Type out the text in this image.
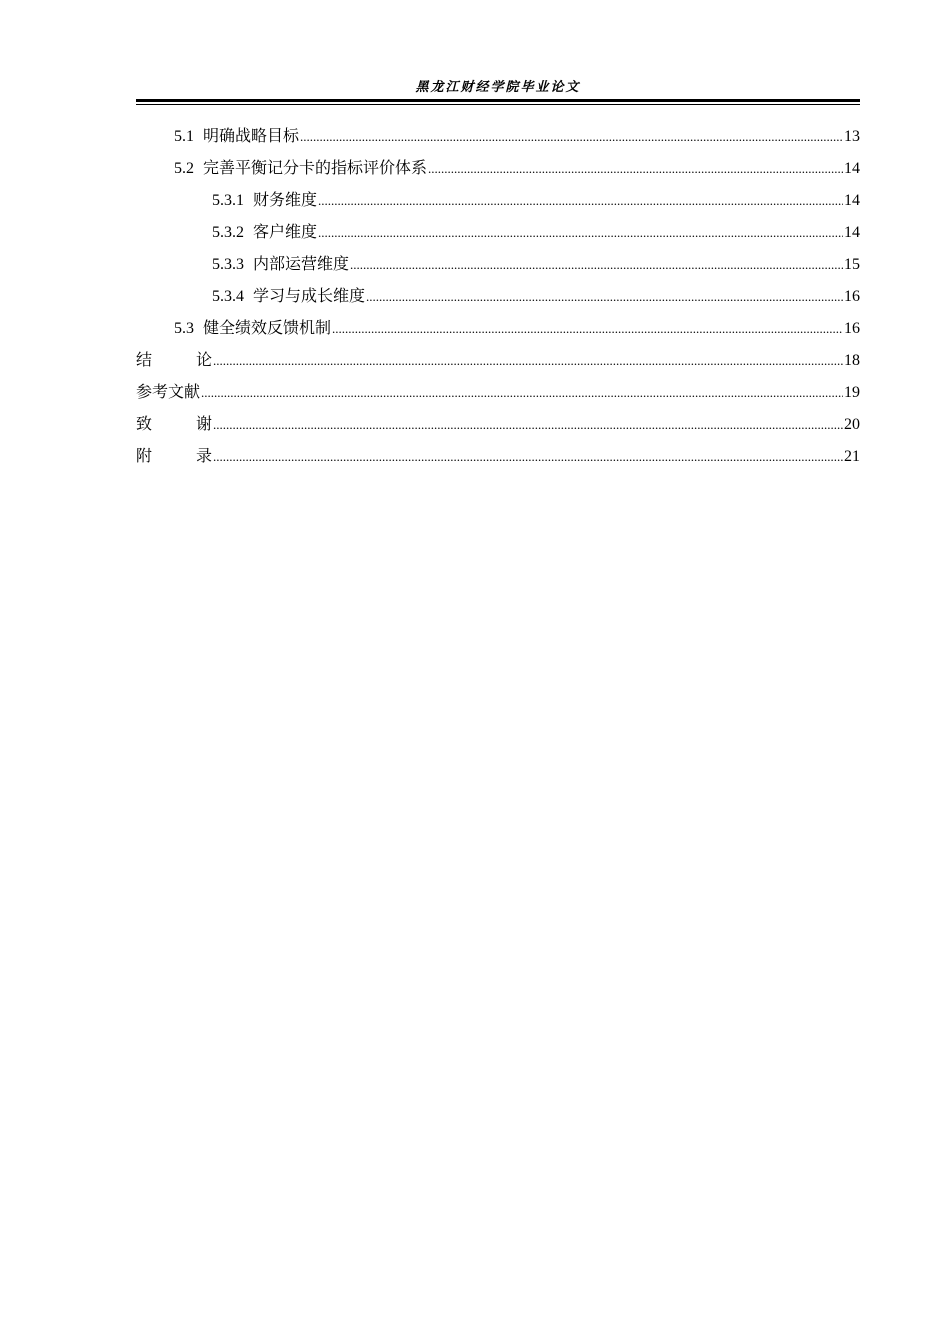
黑龙江财经学院毕业论文
5.1 明确战略目标 .....	13
5.2 完善平衡记分卡的指标评价体系 .....	14
5.3.1 财务维度 .....	14
5.3.2 客户维度 .....	14
5.3.3 内部运营维度 .....	15
5.3.4 学习与成长维度 .....	16
5.3 健全绩效反馈机制 .....	16
结论 .....	18
参考文献 .....	19
致谢 .....	20
附录 .....	21
